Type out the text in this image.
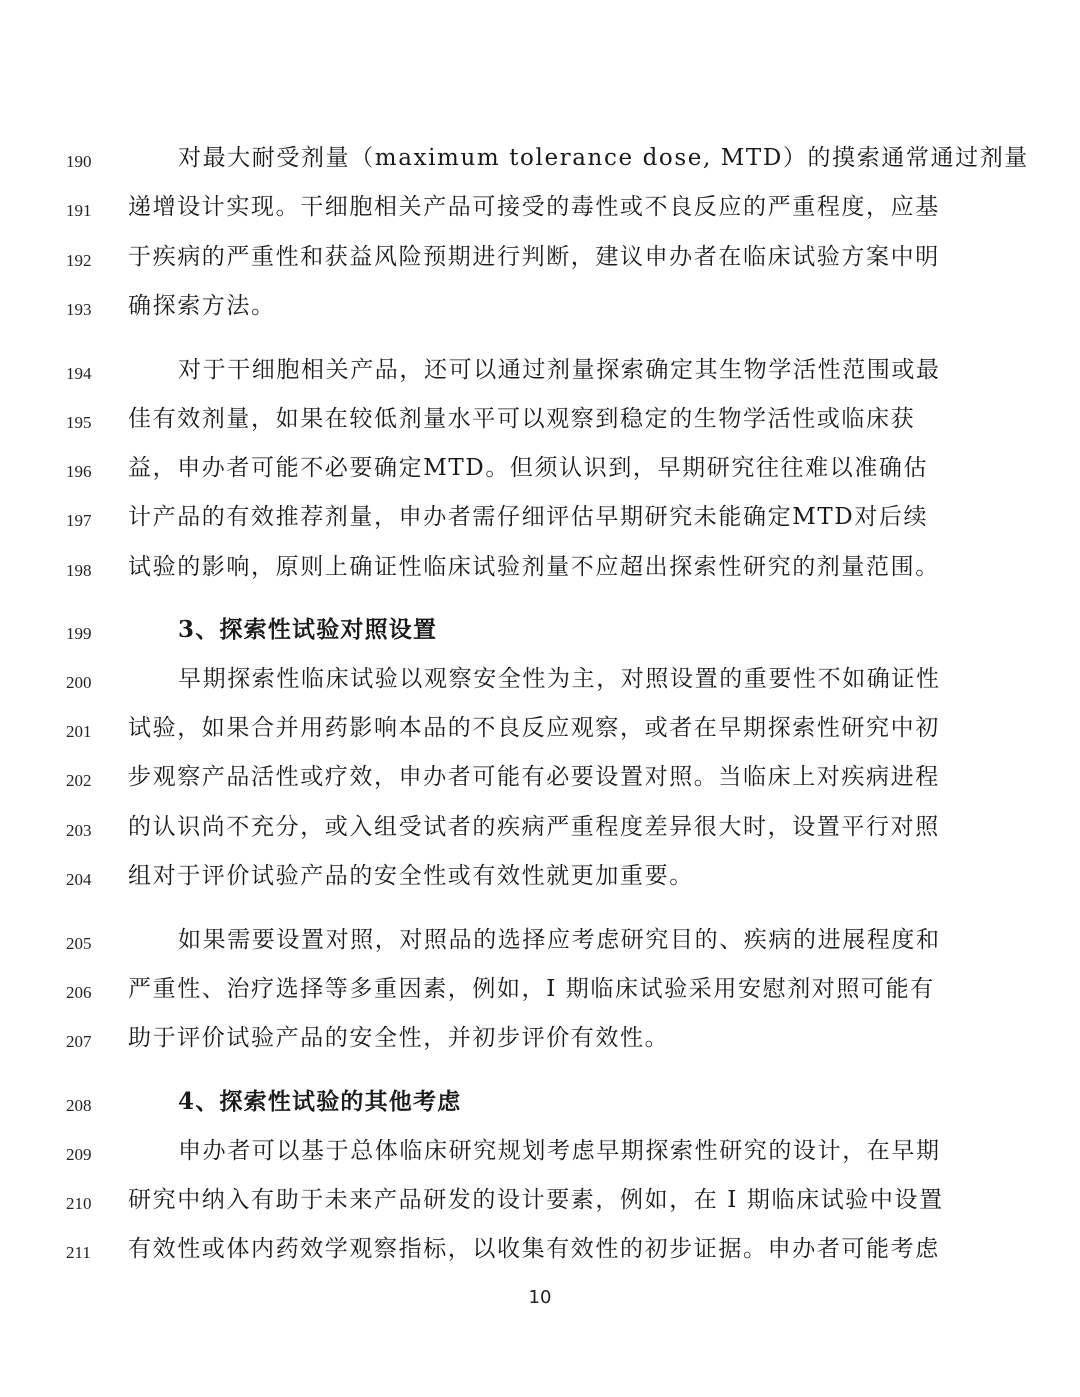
190	对最大耐受剂量（maximum tolerance dose, MTD）的摸索通常通过剂量
191 递增设计实现。干细胞相关产品可接受的毒性或不良反应的严重程度，应基
192 于疾病的严重性和获益风险预期进行判断，建议申办者在临床试验方案中明
193 确探索方法。
194	对于干细胞相关产品，还可以通过剂量探索确定其生物学活性范围或最
195 佳有效剂量，如果在较低剂量水平可以观察到稳定的生物学活性或临床获
196 益，申办者可能不必要确定MTD。但须认识到，早期研究往往难以准确估
197 计产品的有效推荐剂量，申办者需仔细评估早期研究未能确定MTD对后续
198 试验的影响，原则上确证性临床试验剂量不应超出探索性研究的剂量范围。
199	3、探索性试验对照设置
200	早期探索性临床试验以观察安全性为主，对照设置的重要性不如确证性
201 试验，如果合并用药影响本品的不良反应观察，或者在早期探索性研究中初
202 步观察产品活性或疗效，申办者可能有必要设置对照。当临床上对疾病进程
203 的认识尚不充分，或入组受试者的疾病严重程度差异很大时，设置平行对照
204 组对于评价试验产品的安全性或有效性就更加重要。
205	如果需要设置对照，对照品的选择应考虑研究目的、疾病的进展程度和
206 严重性、治疗选择等多重因素，例如，I 期临床试验采用安慰剂对照可能有
207 助于评价试验产品的安全性，并初步评价有效性。
208	4、探索性试验的其他考虑
209	申办者可以基于总体临床研究规划考虑早期探索性研究的设计，在早期
210 研究中纳入有助于未来产品研发的设计要素，例如，在 I 期临床试验中设置
211 有效性或体内药效学观察指标，以收集有效性的初步证据。申办者可能考虑
10
